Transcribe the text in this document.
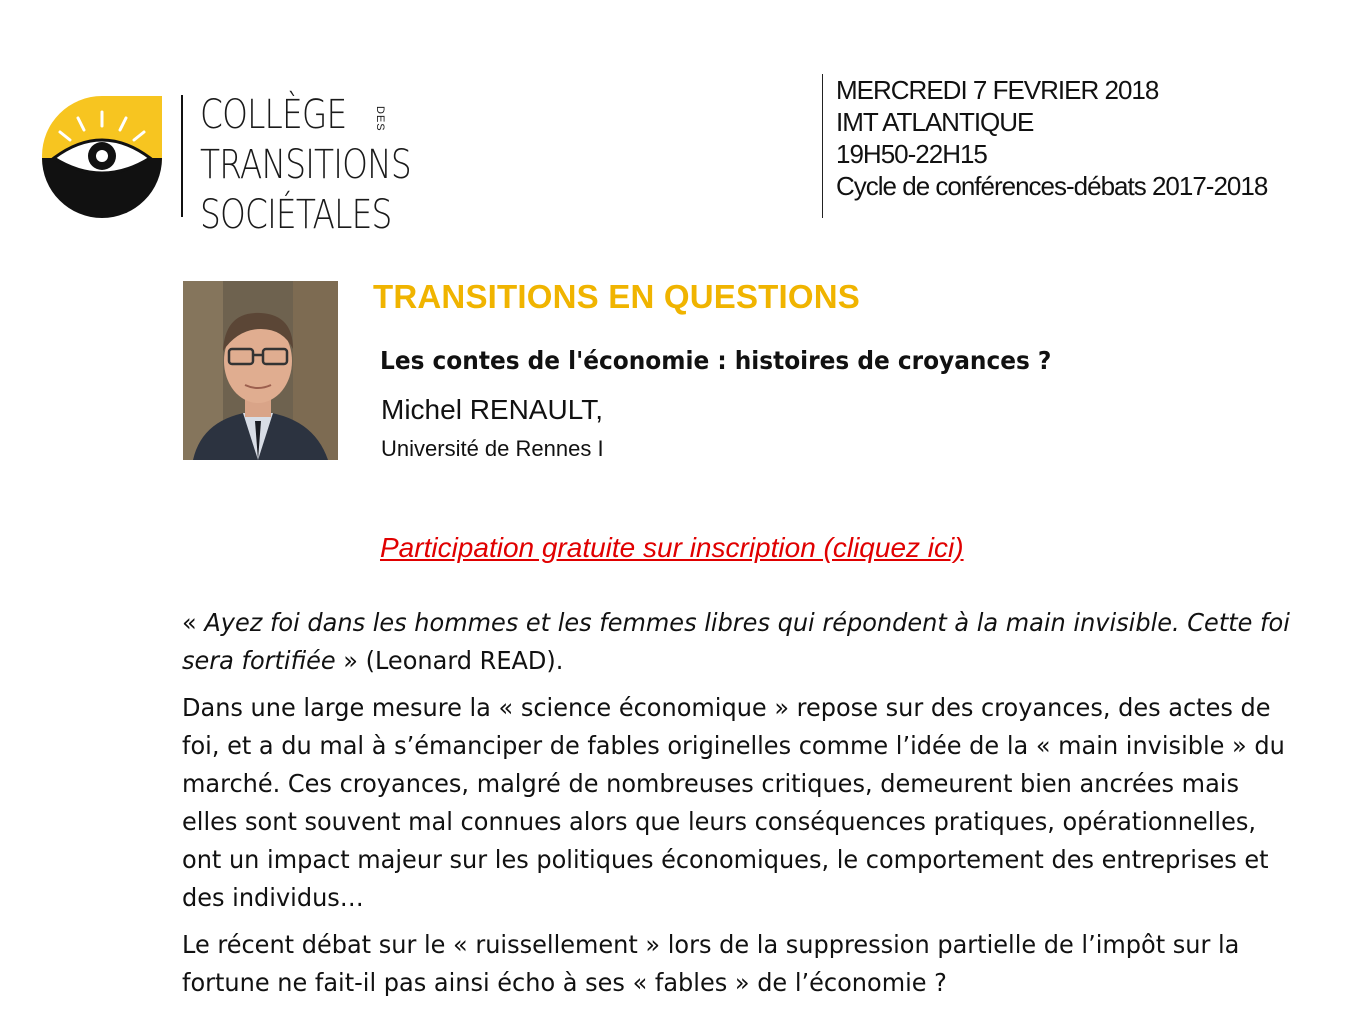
COLLÈGE
TRANSITIONS
SOCIÉTALES
DES
MERCREDI 7 FEVRIER 2018
IMT ATLANTIQUE
19H50-22H15
Cycle de conférences-débats 2017-2018
TRANSITIONS EN QUESTIONS
Les contes de l'économie : histoires de croyances ?
Michel RENAULT,
Université de Rennes I
Participation gratuite sur inscription (cliquez ici)

« Ayez foi dans les hommes et les femmes libres qui répondent à la main invisible. Cette foi sera fortifiée » (Leonard READ).

Dans une large mesure la « science économique » repose sur des croyances, des actes de foi, et a du mal à s’émanciper de fables originelles comme l’idée de la « main invisible » du marché. Ces croyances, malgré de nombreuses critiques, demeurent bien ancrées mais elles sont souvent mal connues alors que leurs conséquences pratiques, opérationnelles, ont un impact majeur sur les politiques économiques, le comportement des entreprises et des individus…

Le récent débat sur le « ruissellement » lors de la suppression partielle de l’impôt sur la fortune ne fait-il pas ainsi écho à ses « fables » de l’économie ?
